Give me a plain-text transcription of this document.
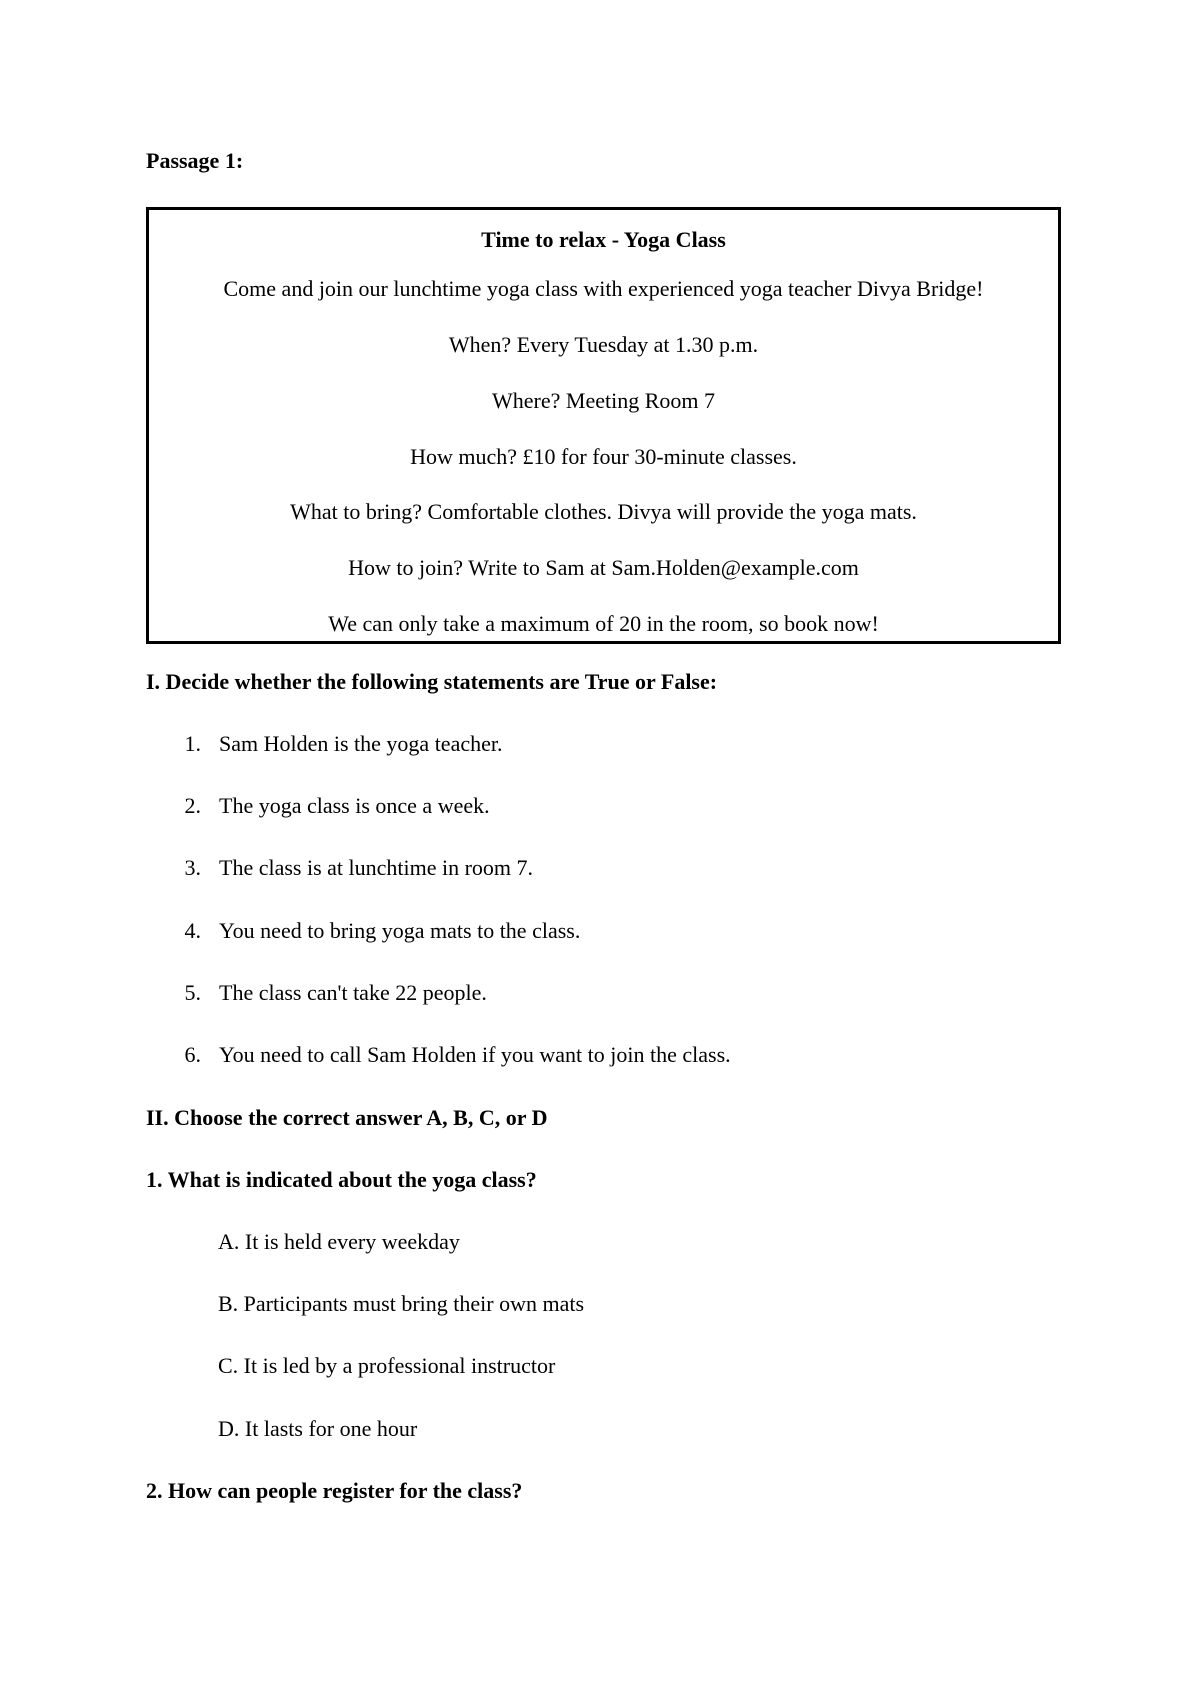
Passage 1:
Time to relax - Yoga Class
Come and join our lunchtime yoga class with experienced yoga teacher Divya Bridge!
When? Every Tuesday at 1.30 p.m.
Where? Meeting Room 7
How much? £10 for four 30-minute classes.
What to bring? Comfortable clothes. Divya will provide the yoga mats.
How to join? Write to Sam at Sam.Holden@example.com
We can only take a maximum of 20 in the room, so book now!
I. Decide whether the following statements are True or False:
1. Sam Holden is the yoga teacher.
2. The yoga class is once a week.
3. The class is at lunchtime in room 7.
4. You need to bring yoga mats to the class.
5. The class can't take 22 people.
6. You need to call Sam Holden if you want to join the class.
II. Choose the correct answer A, B, C, or D
1. What is indicated about the yoga class?
A. It is held every weekday
B. Participants must bring their own mats
C. It is led by a professional instructor
D. It lasts for one hour
2. How can people register for the class?
